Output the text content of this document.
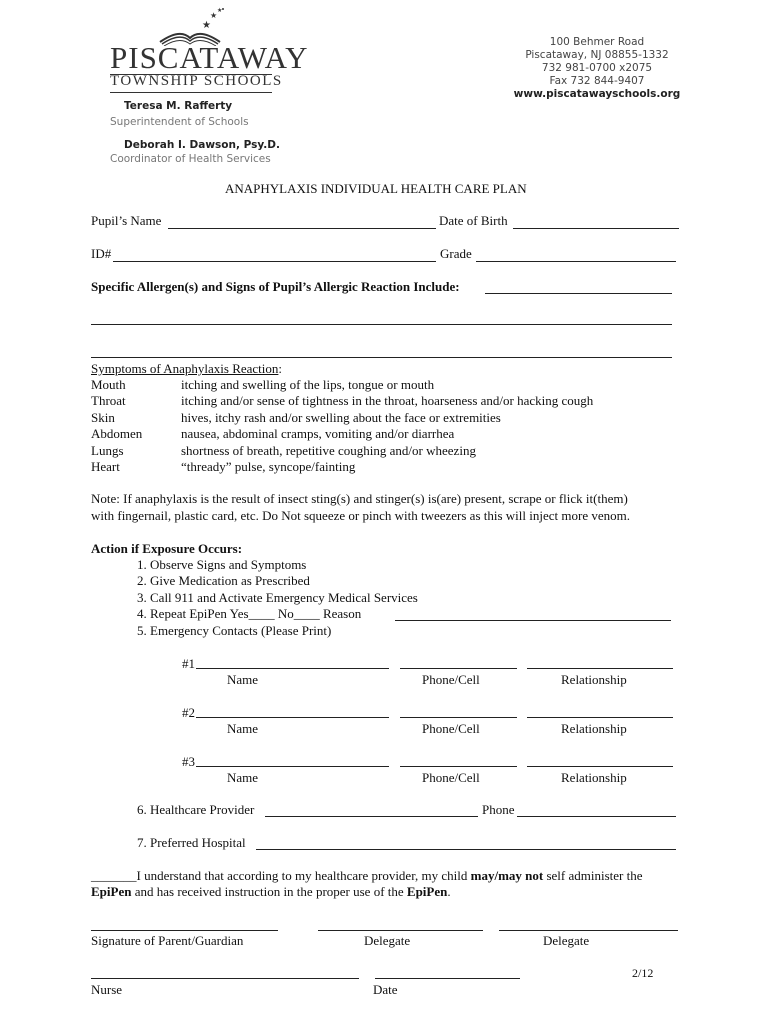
★
★ ★
PISCATAWAY
TOWNSHIP SCHOOLS
100 Behmer Road
Piscataway, NJ 08855-1332
732 981-0700 x2075
Fax 732 844-9407
www.piscatawayschools.org
Teresa M. Rafferty
Superintendent of Schools
Deborah I. Dawson, Psy.D.
Coordinator of Health Services
ANAPHYLAXIS INDIVIDUAL HEALTH CARE PLAN
Pupil’s Name	Date of Birth
ID#	Grade
Specific Allergen(s) and Signs of Pupil’s Allergic Reaction Include:
Symptoms of Anaphylaxis Reaction:
Mouth	itching and swelling of the lips, tongue or mouth
Throat	itching and/or sense of tightness in the throat, hoarseness and/or hacking cough
Skin	hives, itchy rash and/or swelling about the face or extremities
Abdomen	nausea, abdominal cramps, vomiting and/or diarrhea
Lungs	shortness of breath, repetitive coughing and/or wheezing
Heart	“thready” pulse, syncope/fainting
Note: If anaphylaxis is the result of insect sting(s) and stinger(s) is(are) present, scrape or flick it(them)
with fingernail, plastic card, etc. Do Not squeeze or pinch with tweezers as this will inject more venom.
Action if Exposure Occurs:
1. Observe Signs and Symptoms
2. Give Medication as Prescribed
3. Call 911 and Activate Emergency Medical Services
4. Repeat EpiPen Yes____ No____ Reason
5. Emergency Contacts (Please Print)
#1
Name	Phone/Cell	Relationship
#2
Name	Phone/Cell	Relationship
#3
Name	Phone/Cell	Relationship
6. Healthcare Provider	Phone
7. Preferred Hospital
_______I understand that according to my healthcare provider, my child may/may not self administer the
EpiPen and has received instruction in the proper use of the EpiPen.
Signature of Parent/Guardian	Delegate	Delegate
2/12
Nurse	Date
